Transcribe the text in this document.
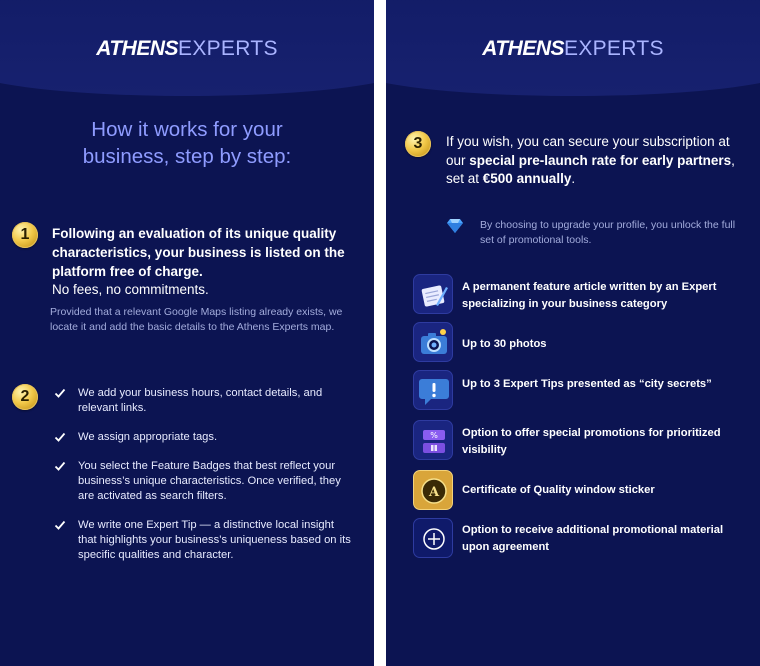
ATHENSEXPERTS
How it works for your
business, step by step:
1	Following an evaluation of its unique quality characteristics, your business is listed on the platform free of charge.
No fees, no commitments.
Provided that a relevant Google Maps listing already exists, we locate it and add the basic details to the Athens Experts map.
2	We add your business hours, contact details, and relevant links.
We assign appropriate tags.
You select the Feature Badges that best reflect your business’s unique characteristics. Once verified, they are activated as search filters.
We write one Expert Tip — a distinctive local insight that highlights your business’s uniqueness based on its specific qualities and character.
ATHENSEXPERTS
3	If you wish, you can secure your subscription at our special pre-launch rate for early partners, set at €500 annually.
By choosing to upgrade your profile, you unlock the full set of promotional tools.
A permanent feature article written by an Expert specializing in your business category
Up to 30 photos
Up to 3 Expert Tips presented as “city secrets”
% Option to offer special promotions for prioritized visibility
A Certificate of Quality window sticker
Option to receive additional promotional material upon agreement
